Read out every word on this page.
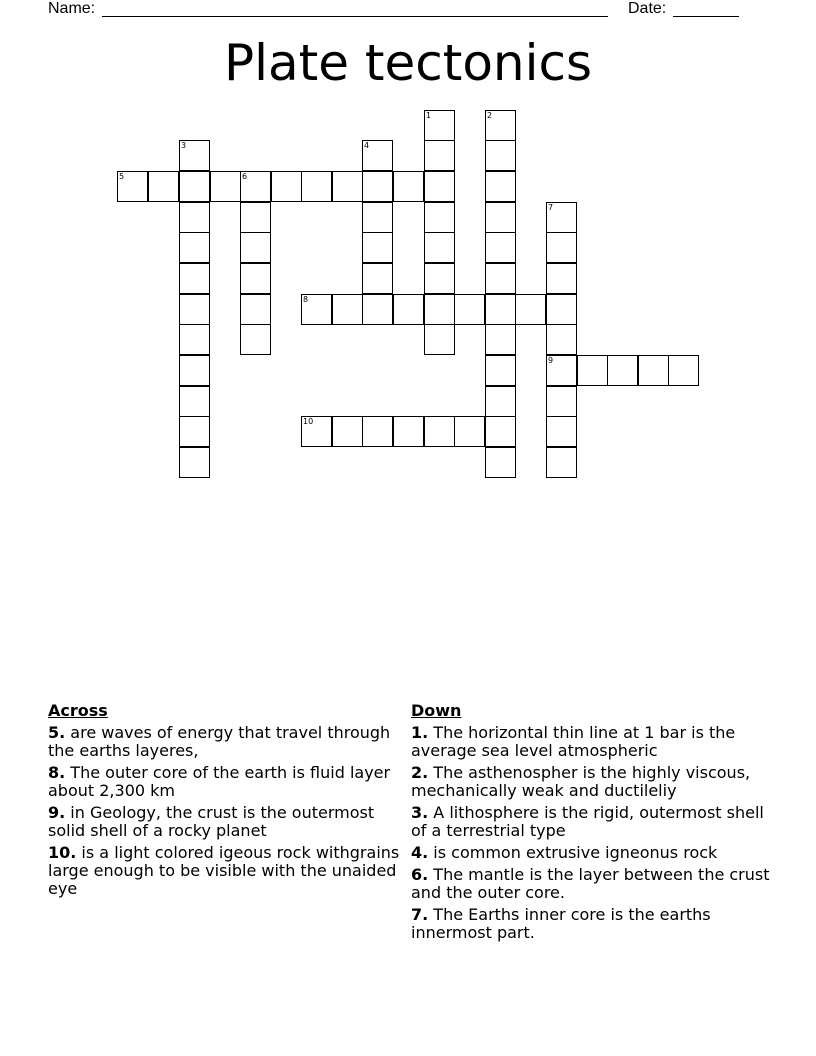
Name:	Date:
Plate tectonics
5	6
1	2
3	4
7
9
8
10
Across
5. are waves of energy that travel through the earths layeres,
8. The outer core of the earth is fluid layer about 2,300 km
9. in Geology, the crust is the outermost solid shell of a rocky planet
10. is a light colored igeous rock withgrains large enough to be visible with the unaided eye
Down
1. The horizontal thin line at 1 bar is the average sea level atmospheric
2. The asthenospher is the highly viscous, mechanically weak and ductileliy
3. A lithosphere is the rigid, outermost shell of a terrestrial type
4. is common extrusive igneonus rock
6. The mantle is the layer between the crust and the outer core.
7. The Earths inner core is the earths innermost part.
